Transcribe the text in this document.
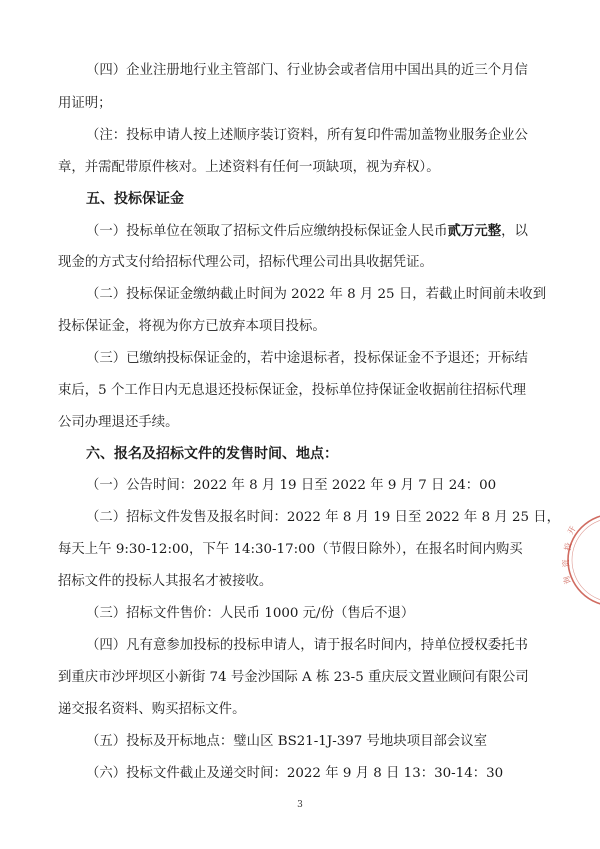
（四）企业注册地行业主管部门、行业协会或者信用中国出具的近三个月信
用证明；
（注：投标申请人按上述顺序装订资料，所有复印件需加盖物业服务企业公
章，并需配带原件核对。上述资料有任何一项缺项，视为弃权）。
五、投标保证金
（一）投标单位在领取了招标文件后应缴纳投标保证金人民币贰万元整，以
现金的方式支付给招标代理公司，招标代理公司出具收据凭证。
（二）投标保证金缴纳截止时间为 2022 年 8 月 25 日，若截止时间前未收到
投标保证金，将视为你方已放弃本项目投标。
（三）已缴纳投标保证金的，若中途退标者，投标保证金不予退还；开标结
束后，5 个工作日内无息退还投标保证金，投标单位持保证金收据前往招标代理
公司办理退还手续。
六、报名及招标文件的发售时间、地点：
（一）公告时间：2022 年 8 月 19 日至 2022 年 9 月 7 日 24：00
（二）招标文件发售及报名时间：2022 年 8 月 19 日至 2022 年 8 月 25 日，
每天上午 9:30-12:00，下午 14:30-17:00（节假日除外），在报名时间内购买
招标文件的投标人其报名才被接收。
（三）招标文件售价：人民币 1000 元/份（售后不退）
（四）凡有意参加投标的投标申请人，请于报名时间内，持单位授权委托书
到重庆市沙坪坝区小新街 74 号金沙国际 A 栋 23-5 重庆辰文置业顾问有限公司
递交报名资料、购买招标文件。
（五）投标及开标地点：璧山区 BS21-1J-397 号地块项目部会议室
（六）投标文件截止及递交时间：2022 年 9 月 8 日 13：30-14：30
3
开
投
资
询
